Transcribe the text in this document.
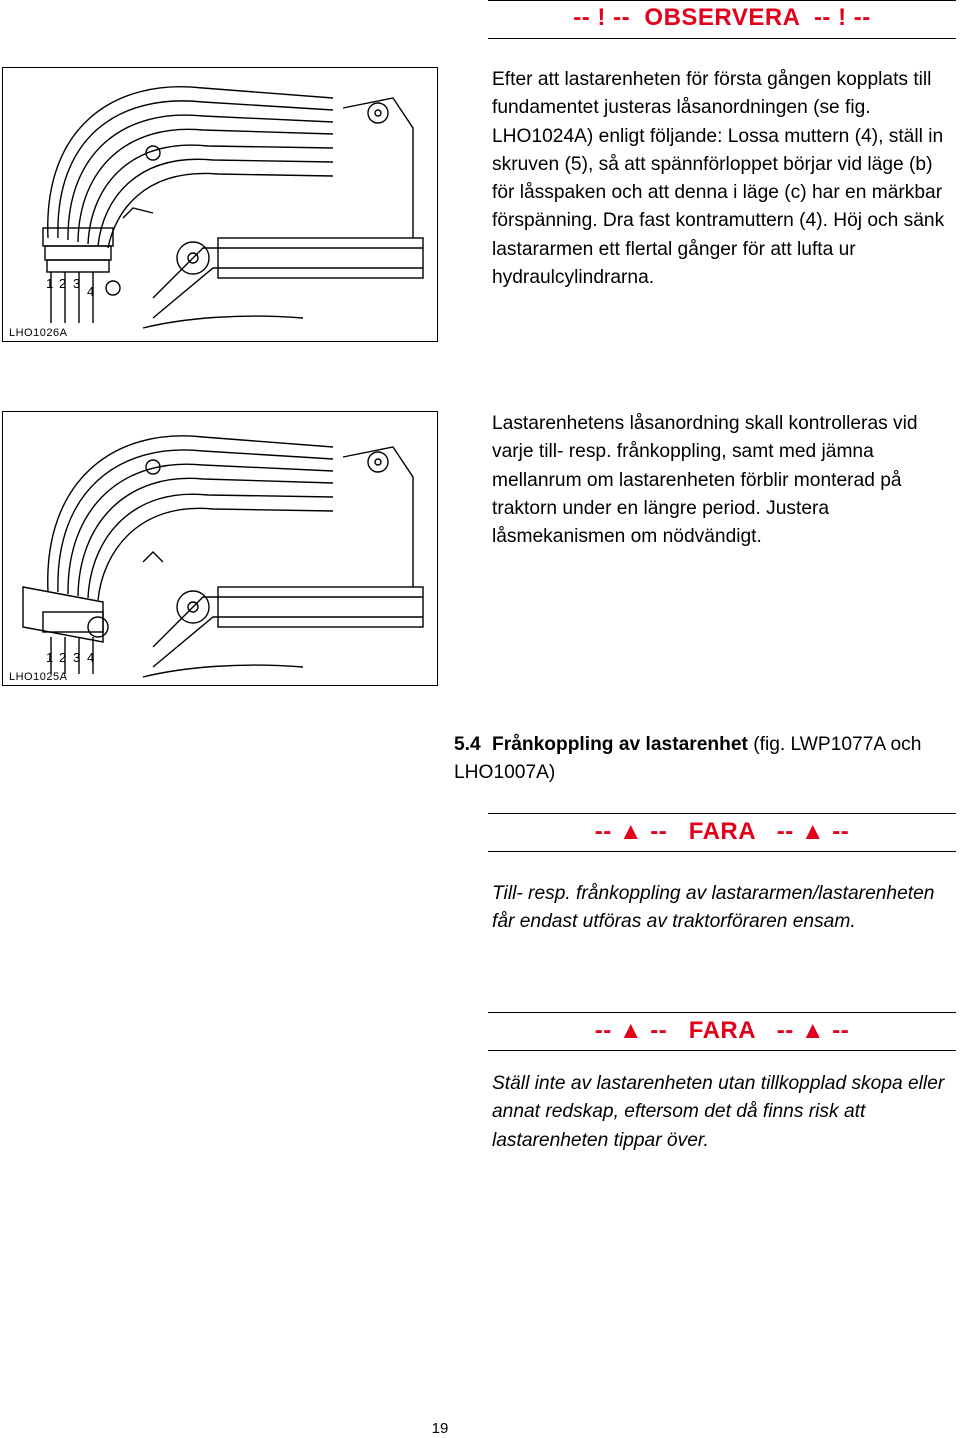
-- ! --  OBSERVERA  -- ! --
Efter att lastarenheten för första gången kopplats till fundamentet justeras låsanordningen (se fig. LHO1024A) enligt följande: Lossa muttern (4), ställ in skruven (5), så att spännförloppet börjar vid läge (b) för låsspaken och att denna i läge (c) har en märkbar förspänning. Dra fast kontramuttern (4). Höj och sänk lastararmen ett flertal gånger för att lufta ur hydraulcylindrarna.
1 2 3
4
LHO1026A
1 2 3 4
LHO1025A
Lastarenhetens låsanordning skall kontrolleras vid varje till- resp. frånkoppling, samt med jämna mellanrum om lastarenheten förblir monterad på traktorn under en längre period. Justera låsmekanismen om nödvändigt.
5.4 Frånkoppling av lastarenhet (fig. LWP1077A och LHO1007A)
-- ▲ --   FARA   -- ▲ --
Till- resp. frånkoppling av lastararmen/lastarenheten får endast utföras av traktorföraren ensam.
-- ▲ --   FARA   -- ▲ --
Ställ inte av lastarenheten utan tillkopplad skopa eller annat redskap, eftersom det då finns risk att lastarenheten tippar över.
19
